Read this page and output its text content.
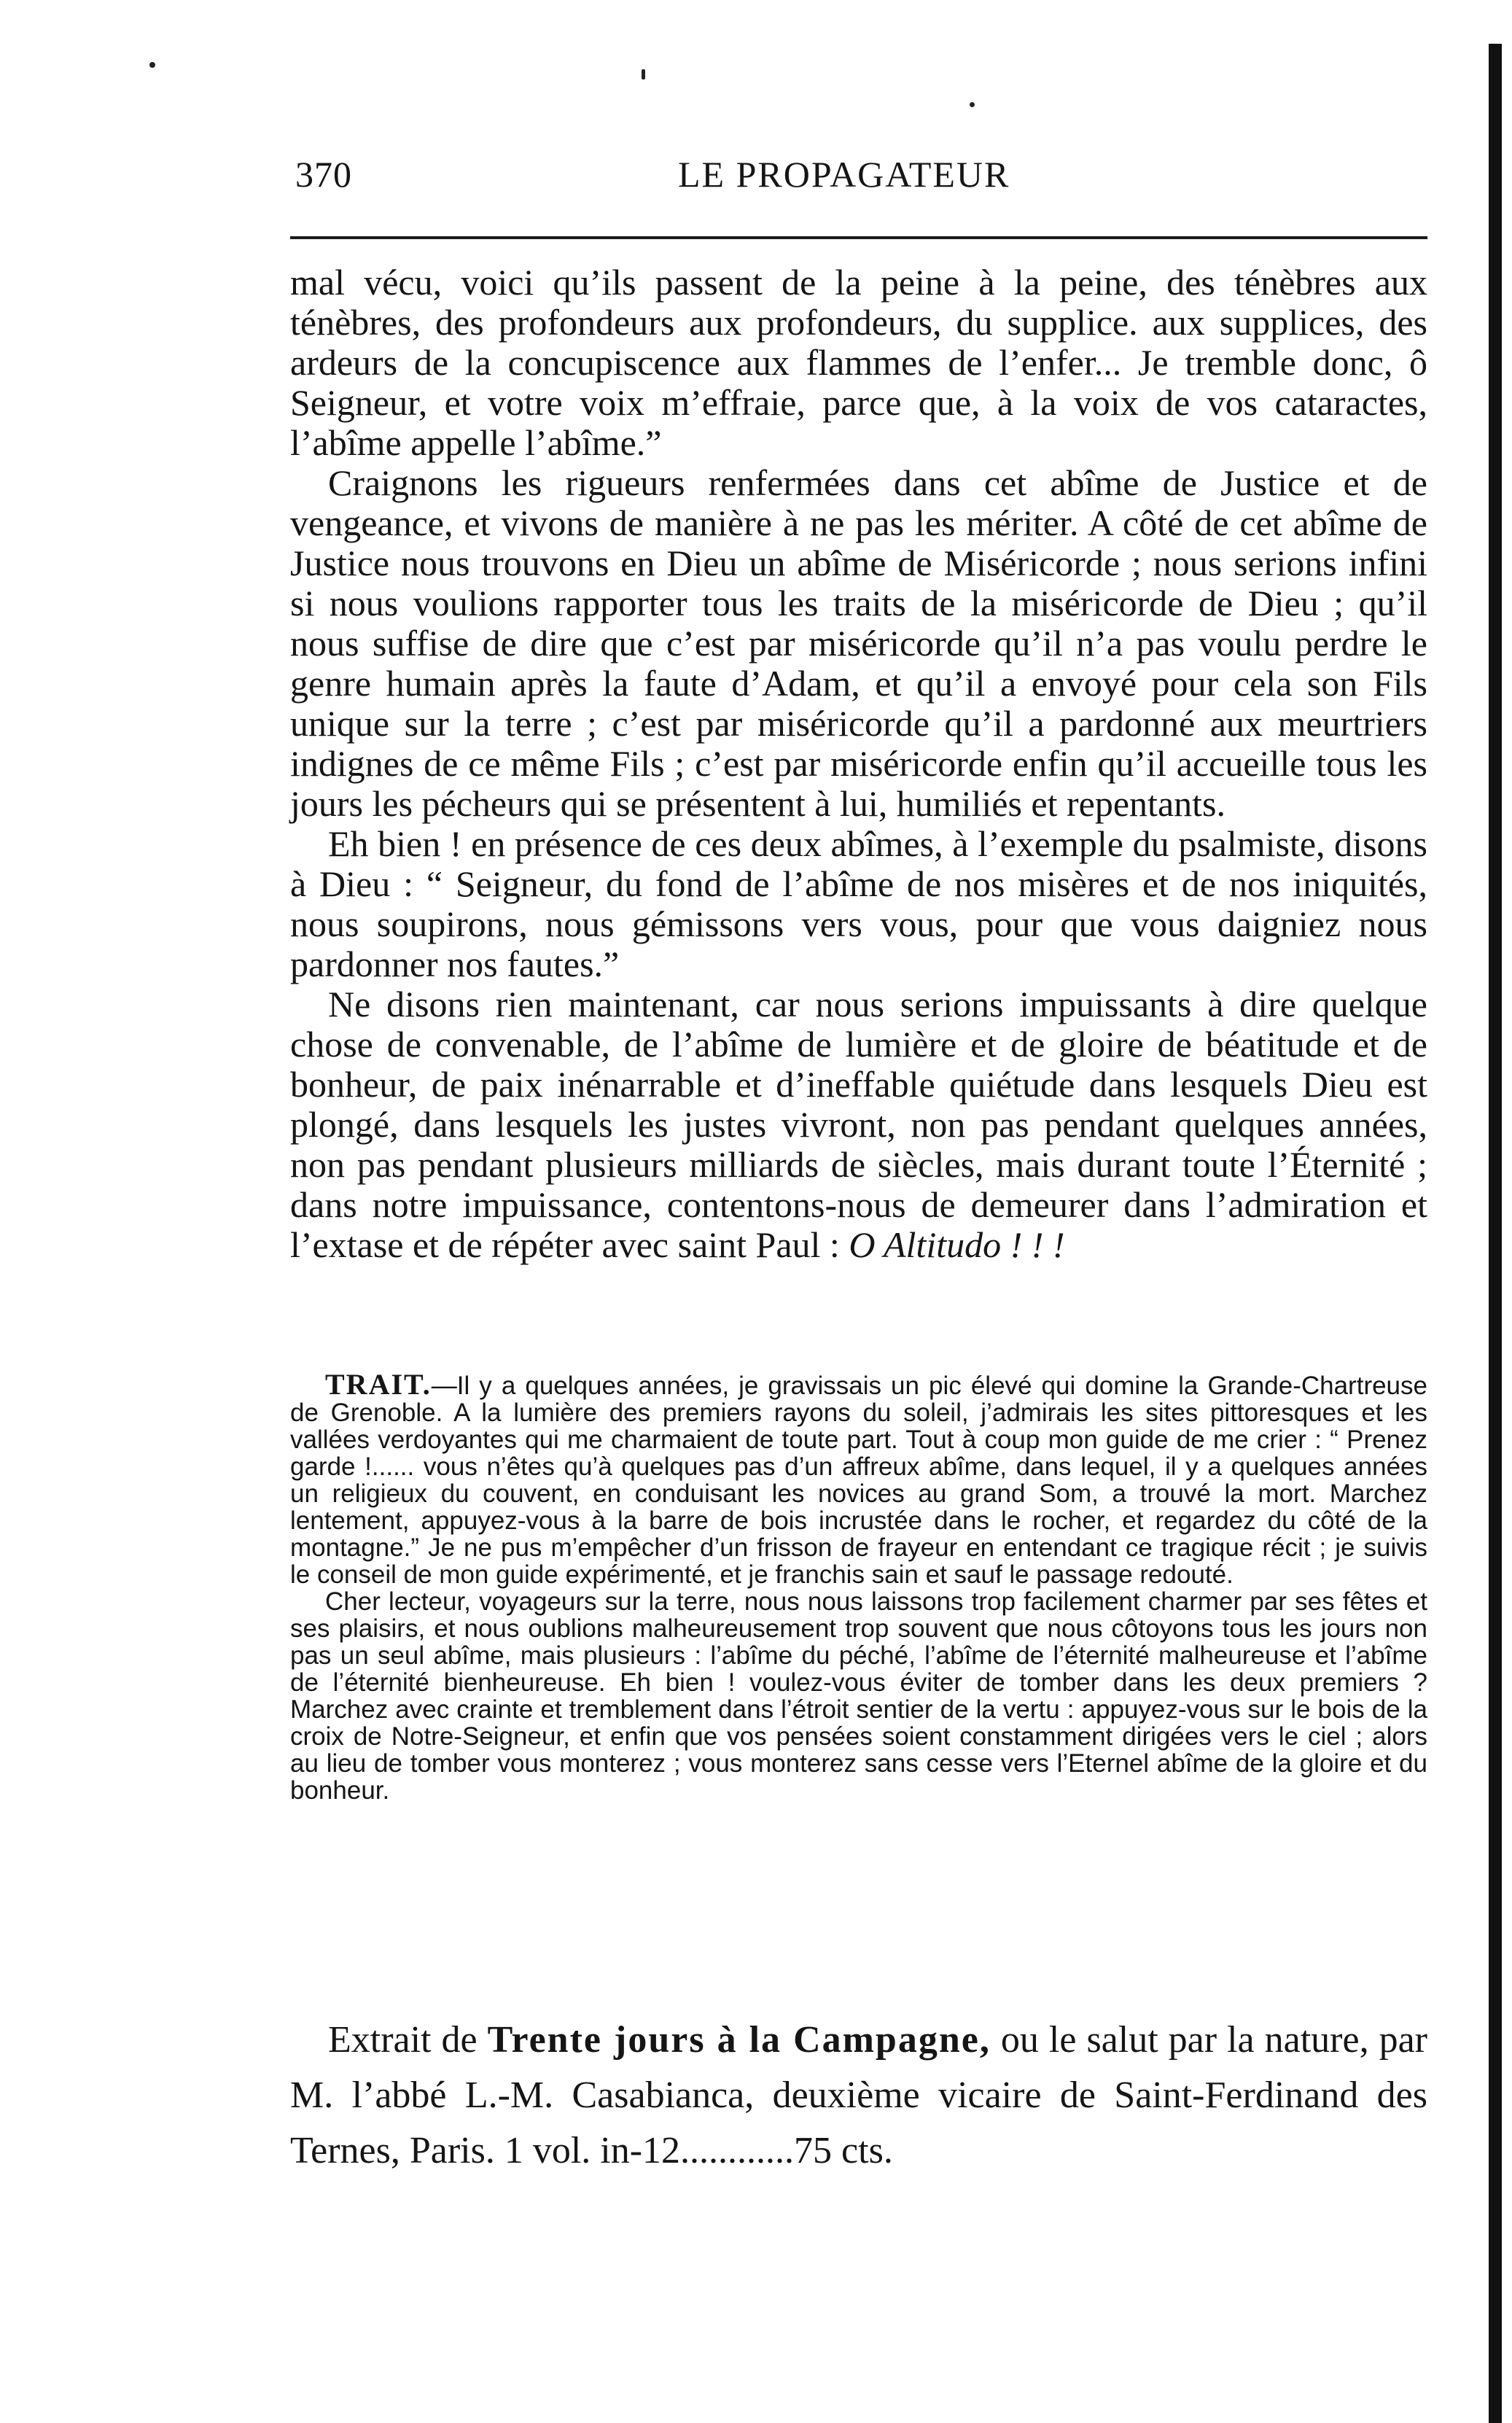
370	LE PROPAGATEUR

mal vécu, voici qu’ils passent de la peine à la peine, des ténèbres aux ténèbres, des profondeurs aux profondeurs, du supplice. aux supplices, des ardeurs de la concupiscence aux flammes de l’enfer... Je tremble donc, ô Seigneur, et votre voix m’effraie, parce que, à la voix de vos cataractes, l’abîme appelle l’abîme.”

Craignons les rigueurs renfermées dans cet abîme de Justice et de vengeance, et vivons de manière à ne pas les mériter. A côté de cet abîme de Justice nous trouvons en Dieu un abîme de Miséricorde ; nous serions infini si nous voulions rapporter tous les traits de la miséricorde de Dieu ; qu’il nous suffise de dire que c’est par miséricorde qu’il n’a pas voulu perdre le genre humain après la faute d’Adam, et qu’il a envoyé pour cela son Fils unique sur la terre ; c’est par miséricorde qu’il a pardonné aux meurtriers indignes de ce même Fils ; c’est par miséricorde enfin qu’il accueille tous les jours les pécheurs qui se présentent à lui, humiliés et repentants.

Eh bien ! en présence de ces deux abîmes, à l’exemple du psalmiste, disons à Dieu : “ Seigneur, du fond de l’abîme de nos misères et de nos iniquités, nous soupirons, nous gémissons vers vous, pour que vous daigniez nous pardonner nos fautes.”

Ne disons rien maintenant, car nous serions impuissants à dire quelque chose de convenable, de l’abîme de lumière et de gloire de béatitude et de bonheur, de paix inénarrable et d’ineffable quiétude dans lesquels Dieu est plongé, dans lesquels les justes vivront, non pas pendant quelques années, non pas pendant plusieurs milliards de siècles, mais durant toute l’Éternité ; dans notre impuissance, contentons-nous de demeurer dans l’admiration et l’extase et de répéter avec saint Paul : O Altitudo ! ! !

TRAIT.—Il y a quelques années, je gravissais un pic élevé qui domine la Grande-Chartreuse de Grenoble. A la lumière des premiers rayons du soleil, j’admirais les sites pittoresques et les vallées verdoyantes qui me charmaient de toute part. Tout à coup mon guide de me crier : “ Prenez garde !...... vous n’êtes qu’à quelques pas d’un affreux abîme, dans lequel, il y a quelques années un religieux du couvent, en conduisant les novices au grand Som, a trouvé la mort. Marchez lentement, appuyez-vous à la barre de bois incrustée dans le rocher, et regardez du côté de la montagne.” Je ne pus m’empêcher d’un frisson de frayeur en entendant ce tragique récit ; je suivis le conseil de mon guide expérimenté, et je franchis sain et sauf le passage redouté.

Cher lecteur, voyageurs sur la terre, nous nous laissons trop facilement charmer par ses fêtes et ses plaisirs, et nous oublions malheureusement trop souvent que nous côtoyons tous les jours non pas un seul abîme, mais plusieurs : l’abîme du péché, l’abîme de l’éternité malheureuse et l’abîme de l’éternité bienheureuse. Eh bien ! voulez-vous éviter de tomber dans les deux premiers ? Marchez avec crainte et tremblement dans l’étroit sentier de la vertu : appuyez-vous sur le bois de la croix de Notre-Seigneur, et enfin que vos pensées soient constamment dirigées vers le ciel ; alors au lieu de tomber vous monterez ; vous monterez sans cesse vers l’Eternel abîme de la gloire et du bonheur.

Extrait de Trente jours à la Campagne, ou le salut par la nature, par M. l’abbé L.-M. Casabianca, deuxième vicaire de Saint-Ferdinand des Ternes, Paris. 1 vol. in-12............75 cts.
